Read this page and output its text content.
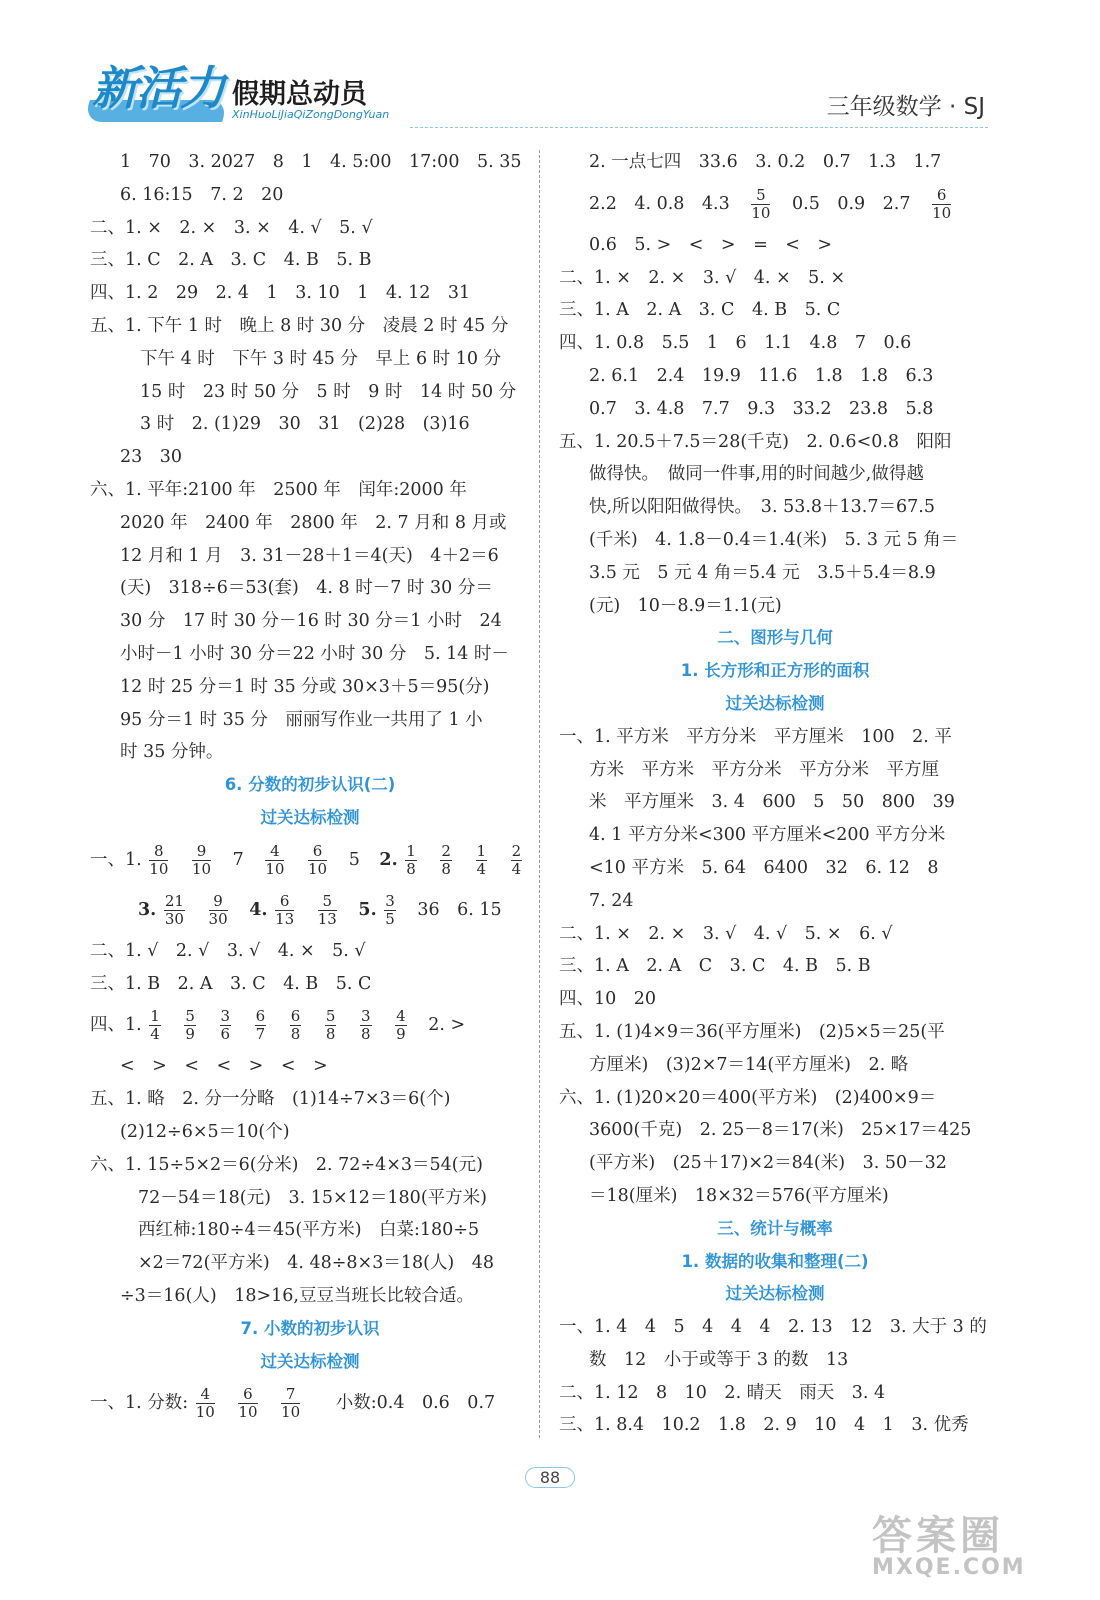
新活力 假期总动员
XinHuoLiJiaQiZongDongYuan	三年级数学 · SJ
1　70　3. 2027　8　1　4. 5:00　17:00　5. 35
6. 16:15　7. 2　20
二、1. ×　2. ×　3. ×　4. √　5. √
三、1. C　2. A　3. C　4. B　5. B
四、1. 2　29　2. 4　1　3. 10　1　4. 12　31
五、1. 下午 1 时　晚上 8 时 30 分　凌晨 2 时 45 分
下午 4 时　下午 3 时 45 分　早上 6 时 10 分
15 时　23 时 50 分　5 时　9 时　14 时 50 分
3 时　2. (1)29　30　31　(2)28　(3)16
23　30
六、1. 平年:2100 年　2500 年　闰年:2000 年
2020 年　2400 年　2800 年　2. 7 月和 8 月或
12 月和 1 月　3. 31－28＋1＝4(天)　4＋2＝6
(天)　318÷6＝53(套)　4. 8 时－7 时 30 分＝
30 分　17 时 30 分－16 时 30 分＝1 小时　24
小时－1 小时 30 分＝22 小时 30 分　5. 14 时－
12 时 25 分＝1 时 35 分或 30×3＋5＝95(分)
95 分＝1 时 35 分　丽丽写作业一共用了 1 小
时 35 分钟。
6. 分数的初步认识(二)
过关达标检测
一、1. $\frac{8}{10}$
$\frac{9}{10} 7 \frac{4}{10}$
$\frac{6}{10} 5$ 2. $\frac{1}{8}$
$\frac{2}{8}$
$\frac{1}{4}$
$\frac{2}{4}$
3. $\frac{21}{30}$
$\frac{9}{30} 4$. $\frac{6}{13}$
$\frac{5}{13} 5$. $\frac{3}{5} 36$　6. 15
二、1. √　2. √　3. √　4. ×　5. √
三、1. B　2. A　3. C　4. B　5. C
四、1. $\frac{1}{4}$
$\frac{5}{9}$
$\frac{3}{6}$
$\frac{6}{7}$
$\frac{6}{8}$
$\frac{5}{8}$
$\frac{3}{8}$
$\frac{4}{9} 2$. >
<　>　<　<　>　<　>
五、1. 略　2. 分一分略　(1)14÷7×3＝6(个)
(2)12÷6×5＝10(个)
六、1. 15÷5×2＝6(分米)　2. 72÷4×3＝54(元)
72－54＝18(元)　3. 15×12＝180(平方米)
西红柿:180÷4＝45(平方米)　白菜:180÷5
×2＝72(平方米)　4. 48÷8×3＝18(人)　48
÷3＝16(人)　18>16,豆豆当班长比较合适。
7. 小数的初步认识
过关达标检测
一、1. 分数: $\frac{4}{10}$
$\frac{6}{10}$
$\frac{7}{10}$ 小数:0.4　0.6　0.7
2. 一点七四　33.6　3. 0.2　0.7　1.3　1.7
2.2　4. 0.8　$4.3 \frac{5}{10} 0.5$　0.9　$2.7 \frac{6}{10}$
0.6　5. >　<　>　=　<　>
二、1. ×　2. ×　3. √　4. ×　5. ×
三、1. A　2. A　3. C　4. B　5. C
四、1. 0.8　5.5　1　6　1.1　4.8　7　0.6
2. 6.1　2.4　19.9　11.6　1.8　1.8　6.3
0.7　3. 4.8　7.7　9.3　33.2　23.8　5.8
五、1. 20.5＋7.5＝28(千克)　2. 0.6<0.8　阳阳
做得快。　做同一件事,用的时间越少,做得越
快,所以阳阳做得快。　3. 53.8＋13.7＝67.5
(千米)　4. 1.8－0.4＝1.4(米)　5. 3 元 5 角＝
3.5 元　5 元 4 角＝5.4 元　3.5＋5.4＝8.9
(元)　10－8.9＝1.1(元)
二、图形与几何
1. 长方形和正方形的面积
过关达标检测
一、1. 平方米　平方分米　平方厘米　100　2. 平
方米　平方米　平方分米　平方分米　平方厘
米　平方厘米　3. 4　600　5　50　800　39
4. 1 平方分米<300 平方厘米<200 平方分米
<10 平方米　5. 64　6400　32　6. 12　8
7. 24
二、1. ×　2. ×　3. √　4. √　5. ×　6. √
三、1. A　2. A　C　3. C　4. B　5. B
四、10　20
五、1. (1)4×9＝36(平方厘米)　(2)5×5＝25(平
方厘米)　(3)2×7＝14(平方厘米)　2. 略
六、1. (1)20×20＝400(平方米)　(2)400×9＝
3600(千克)　2. 25－8＝17(米)　25×17＝425
(平方米)　(25＋17)×2＝84(米)　3. 50－32
＝18(厘米)　18×32＝576(平方厘米)
三、统计与概率
1. 数据的收集和整理(二)
过关达标检测
一、1. 4　4　5　4　4　4　2. 13　12　3. 大于 3 的
数　12　小于或等于 3 的数　13
二、1. 12　8　10　2. 晴天　雨天　3. 4
三、1. 8.4　10.2　1.8　2. 9　10　4　1　3. 优秀
88
答案圈
MXQE.COM
